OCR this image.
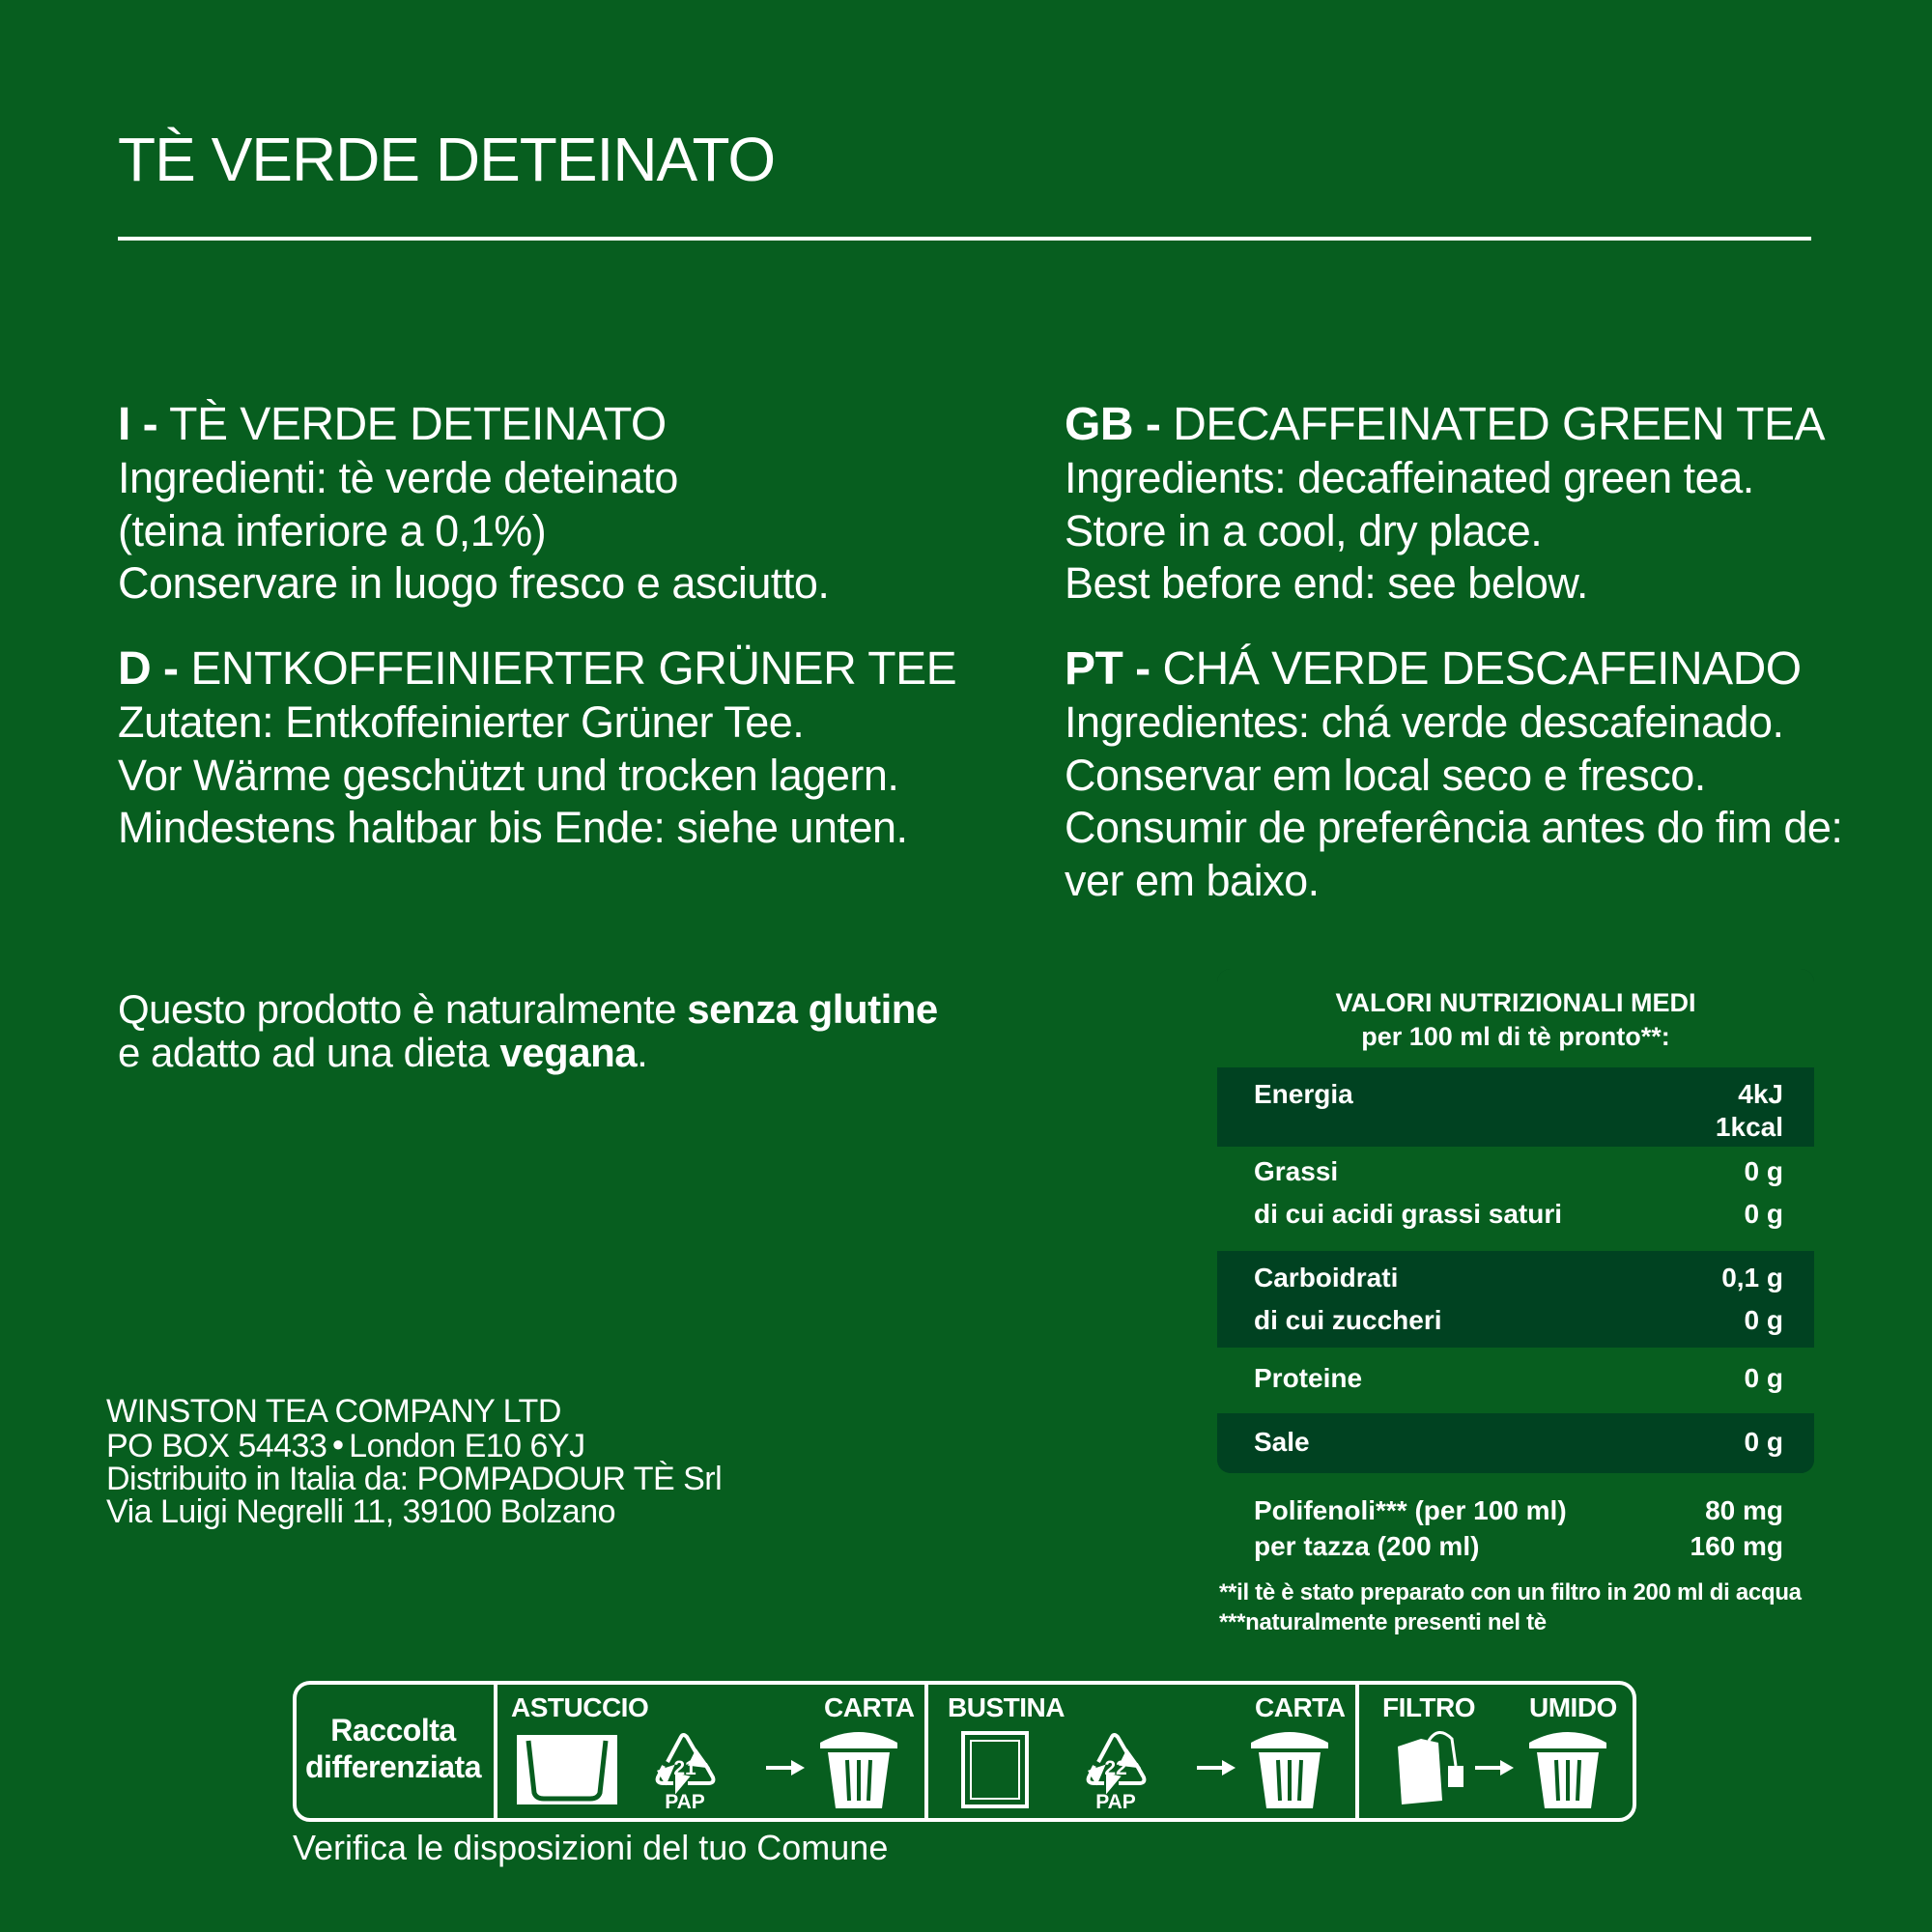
TÈ VERDE DETEINATO
I - TÈ VERDE DETEINATO
Ingredienti: tè verde deteinato
(teina inferiore a 0,1%)
Conservare in luogo fresco e asciutto.
D - ENTKOFFEINIERTER GRÜNER TEE
Zutaten: Entkoffeinierter Grüner Tee.
Vor Wärme geschützt und trocken lagern.
Mindestens haltbar bis Ende: siehe unten.
GB - DECAFFEINATED GREEN TEA
Ingredients: decaffeinated green tea.
Store in a cool, dry place.
Best before end: see below.
PT - CHÁ VERDE DESCAFEINADO
Ingredientes: chá verde descafeinado.
Conservar em local seco e fresco.
Consumir de preferência antes do fim de:
ver em baixo.
Questo prodotto è naturalmente senza glutine
e adatto ad una dieta vegana.
WINSTON TEA COMPANY LTD
PO BOX 54433 ● London E10 6YJ
Distribuito in Italia da: POMPADOUR TÈ Srl
Via Luigi Negrelli 11, 39100 Bolzano
VALORI NUTRIZIONALI MEDI
per 100 ml di tè pronto**:
Energia	4kJ
1kcal
Grassi	0 g
di cui acidi grassi saturi	0 g
Carboidrati	0,1 g
di cui zuccheri	0 g
Proteine	0 g
Sale	0 g
Polifenoli*** (per 100 ml)	80 mg
per tazza (200 ml)	160 mg
**il tè è stato preparato con un filtro in 200 ml di acqua
***naturalmente presenti nel tè
Raccolta
differenziata
ASTUCCIO	CARTA BUSTINA	CARTA FILTRO UMIDO
21
PAP
22
PAP
Verifica le disposizioni del tuo Comune
